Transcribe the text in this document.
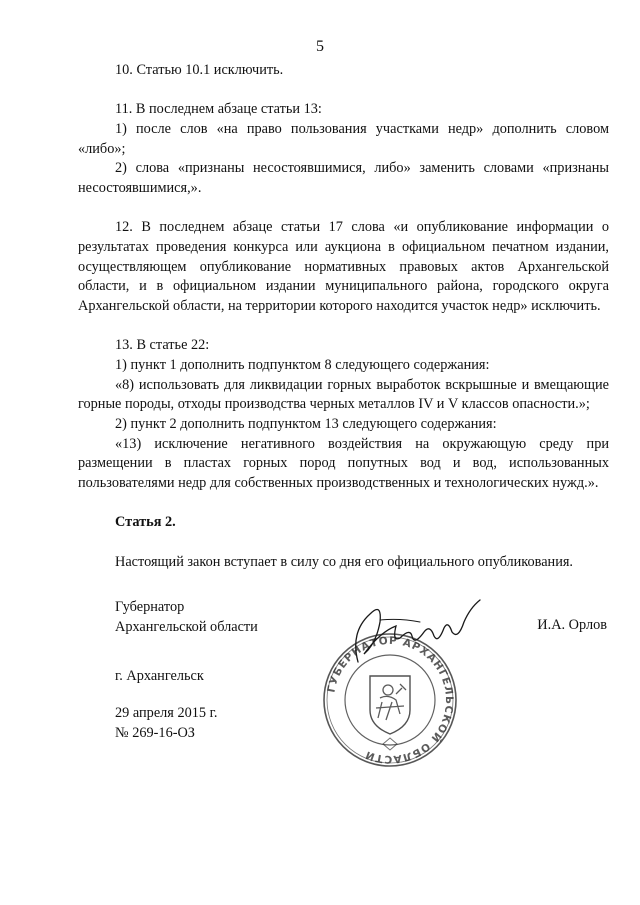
5

10. Статью 10.1 исключить.

11. В последнем абзаце статьи 13:

1) после слов «на право пользования участками недр» дополнить словом «либо»;

2) слова «признаны несостоявшимися, либо» заменить словами «признаны несостоявшимися,».

12. В последнем абзаце статьи 17 слова «и опубликование информации о результатах проведения конкурса или аукциона в официальном печатном издании, осуществляющем опубликование нормативных правовых актов Архангельской области, и в официальном издании муниципального района, городского округа Архангельской области, на территории которого находится участок недр» исключить.

13. В статье 22:

1) пункт 1 дополнить подпунктом 8 следующего содержания:

«8) использовать для ликвидации горных выработок вскрышные и вмещающие горные породы, отходы производства черных металлов IV и V классов опасности.»;

2) пункт 2 дополнить подпунктом 13 следующего содержания:

«13) исключение негативного воздействия на окружающую среду при размещении в пластах горных пород попутных вод и вод, использованных пользователями недр для собственных производственных и технологических нужд.».

Статья 2.

Настоящий закон вступает в силу со дня его официального опубликования.

ГУБЕРНАТОР АРХАНГЕЛЬСКОЙ ОБЛАСТИ
Губернатор
Архангельской области	И.А. Орлов
г. Архангельск
29 апреля 2015 г.
№ 269-16-ОЗ
